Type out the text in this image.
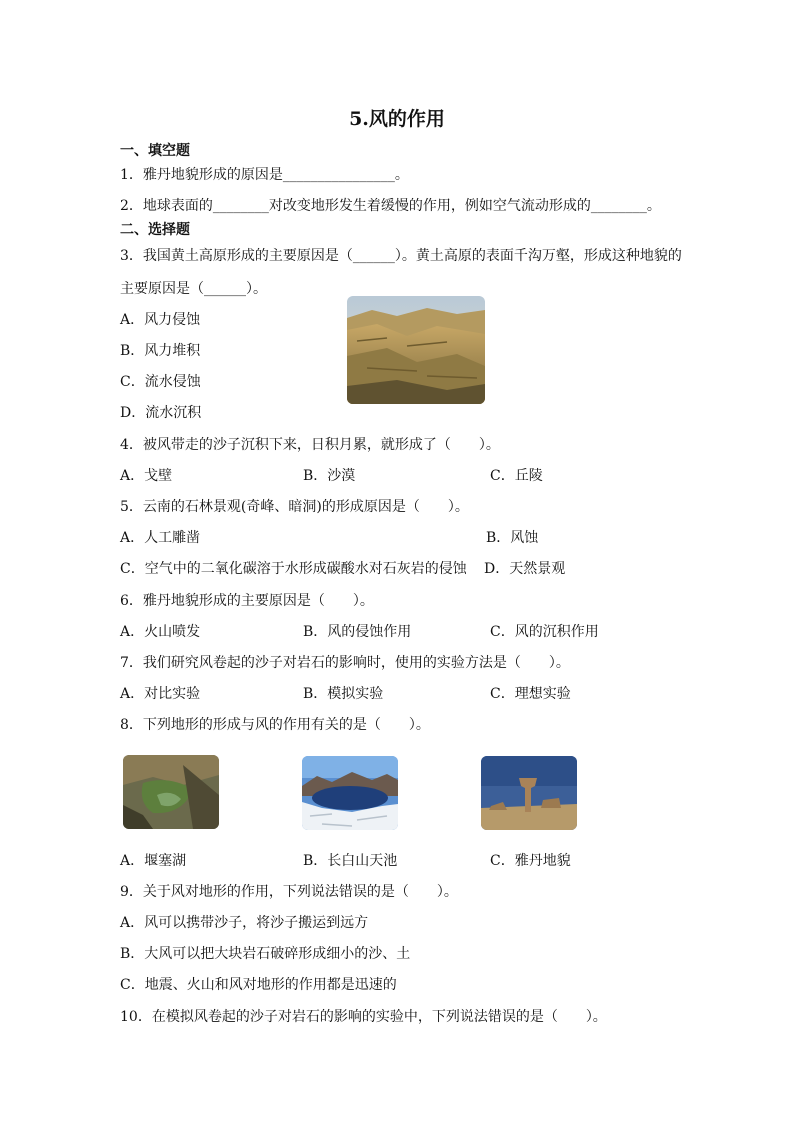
5.风的作用
一、填空题
1．雅丹地貌形成的原因是________________。
2．地球表面的________对改变地形发生着缓慢的作用，例如空气流动形成的________。
二、选择题
3．我国黄土高原形成的主要原因是（______）。黄土高原的表面千沟万壑，形成这种地貌的
主要原因是（______）。
A．风力侵蚀
B．风力堆积
C．流水侵蚀
D．流水沉积
4．被风带走的沙子沉积下来，日积月累，就形成了（　　）。
A．戈壁	B．沙漠	C．丘陵
5．云南的石林景观(奇峰、暗洞)的形成原因是（　　）。
A．人工雕凿	B．风蚀
C．空气中的二氧化碳溶于水形成碳酸水对石灰岩的侵蚀 D．天然景观
6．雅丹地貌形成的主要原因是（　　）。
A．火山喷发	B．风的侵蚀作用	C．风的沉积作用
7．我们研究风卷起的沙子对岩石的影响时，使用的实验方法是（　　）。
A．对比实验	B．模拟实验	C．理想实验
8．下列地形的形成与风的作用有关的是（　　）。
A．堰塞湖	B．长白山天池	C．雅丹地貌
9．关于风对地形的作用，下列说法错误的是（　　）。
A．风可以携带沙子，将沙子搬运到远方
B．大风可以把大块岩石破碎形成细小的沙、土
C．地震、火山和风对地形的作用都是迅速的
10．在模拟风卷起的沙子对岩石的影响的实验中，下列说法错误的是（　　）。
